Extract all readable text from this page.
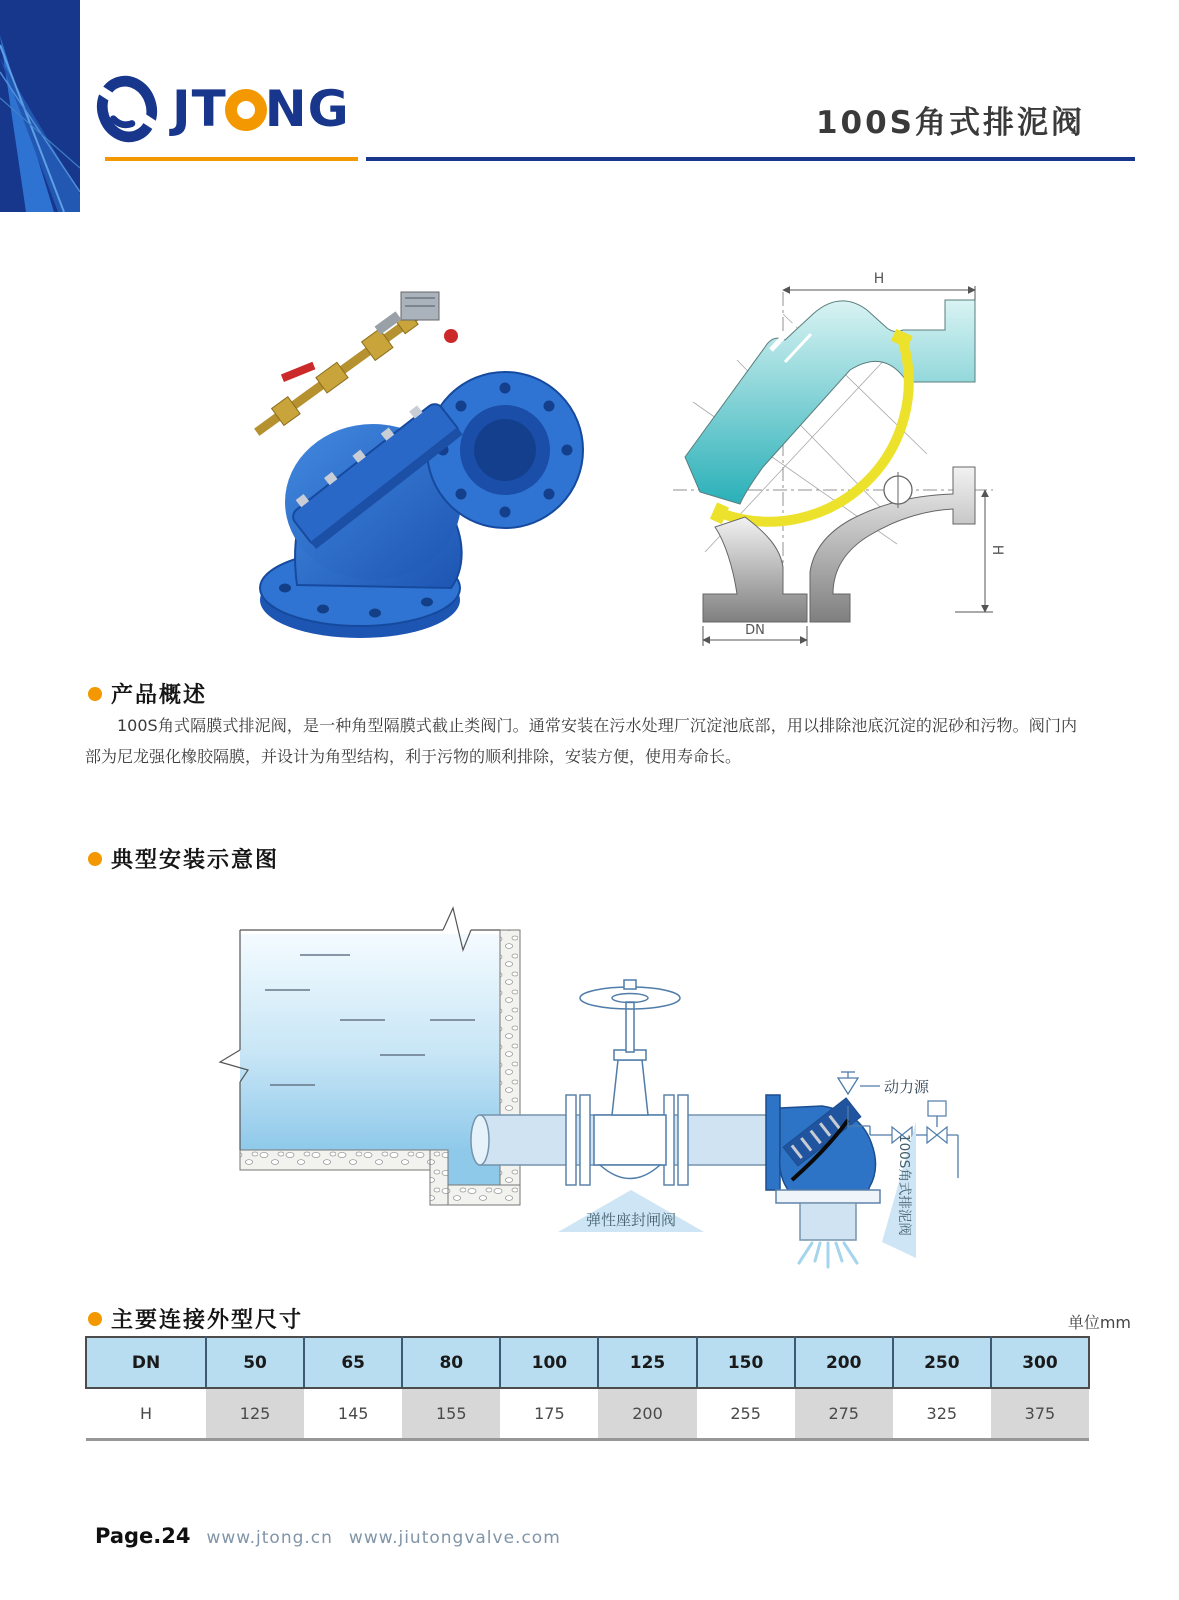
JT NG	100S角式排泥阀
H
H
DN
产品概述

100S角式隔膜式排泥阀，是一种角型隔膜式截止类阀门。通常安装在污水处理厂沉淀池底部，用以排除池底沉淀的泥砂和污物。阀门内部为尼龙强化橡胶隔膜，并设计为角型结构，利于污物的顺利排除，安装方便，使用寿命长。

典型安装示意图
动力源
弹性座封闸阀	100S角式排泥阀
主要连接外型尺寸	单位mm
DN	50	65	80	100	125	150	200	250	300
H	125	145	155	175	200	255	275	325	375
Page.24 www.jtong.cn www.jiutongvalve.com
